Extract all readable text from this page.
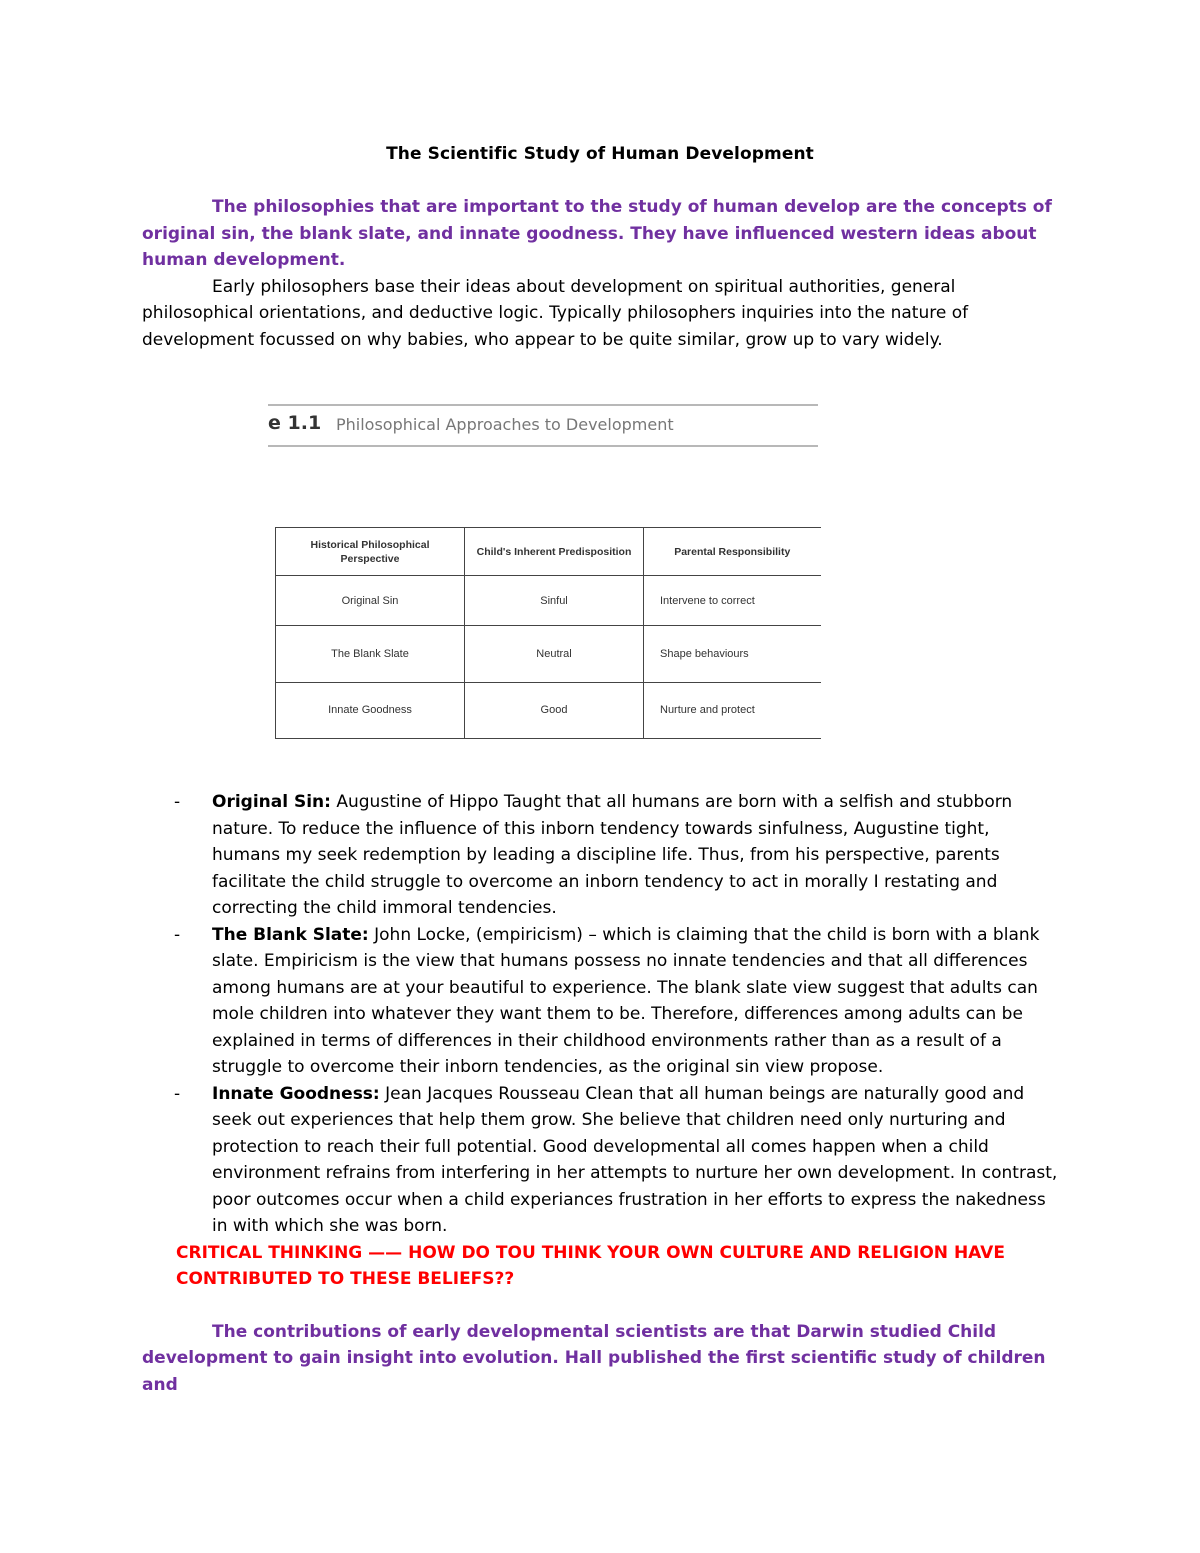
The Scientific Study of Human Development
The philosophies that are important to the study of human develop are the concepts of original sin, the blank slate, and innate goodness. They have influenced western ideas about human development.
Early philosophers base their ideas about development on spiritual authorities, general philosophical orientations, and deductive logic. Typically philosophers inquiries into the nature of development focussed on why babies, who appear to be quite similar, grow up to vary widely.
e 1.1 Philosophical Approaches to Development
Historical Philosophical Perspective	Child's Inherent Predisposition	Parental Responsibility
Original Sin	Sinful	Intervene to correct
The Blank Slate	Neutral	Shape behaviours
Innate Goodness	Good	Nurture and protect
- Original Sin: Augustine of Hippo Taught that all humans are born with a selfish and stubborn nature. To reduce the influence of this inborn tendency towards sinfulness, Augustine tight, humans my seek redemption by leading a discipline life. Thus, from his perspective, parents facilitate the child struggle to overcome an inborn tendency to act in morally I restating and correcting the child immoral tendencies.
- The Blank Slate: John Locke, (empiricism) – which is claiming that the child is born with a blank slate. Empiricism is the view that humans possess no innate tendencies and that all differences among humans are at your beautiful to experience. The blank slate view suggest that adults can mole children into whatever they want them to be. Therefore, differences among adults can be explained in terms of differences in their childhood environments rather than as a result of a struggle to overcome their inborn tendencies, as the original sin view propose.
- Innate Goodness: Jean Jacques Rousseau Clean that all human beings are naturally good and seek out experiences that help them grow. She believe that children need only nurturing and protection to reach their full potential. Good developmental all comes happen when a child environment refrains from interfering in her attempts to nurture her own development. In contrast, poor outcomes occur when a child experiances frustration in her efforts to express the nakedness in with which she was born.
CRITICAL THINKING —— HOW DO TOU THINK YOUR OWN CULTURE AND RELIGION HAVE CONTRIBUTED TO THESE BELIEFS??
The contributions of early developmental scientists are that Darwin studied Child development to gain insight into evolution. Hall published the first scientific study of children and
